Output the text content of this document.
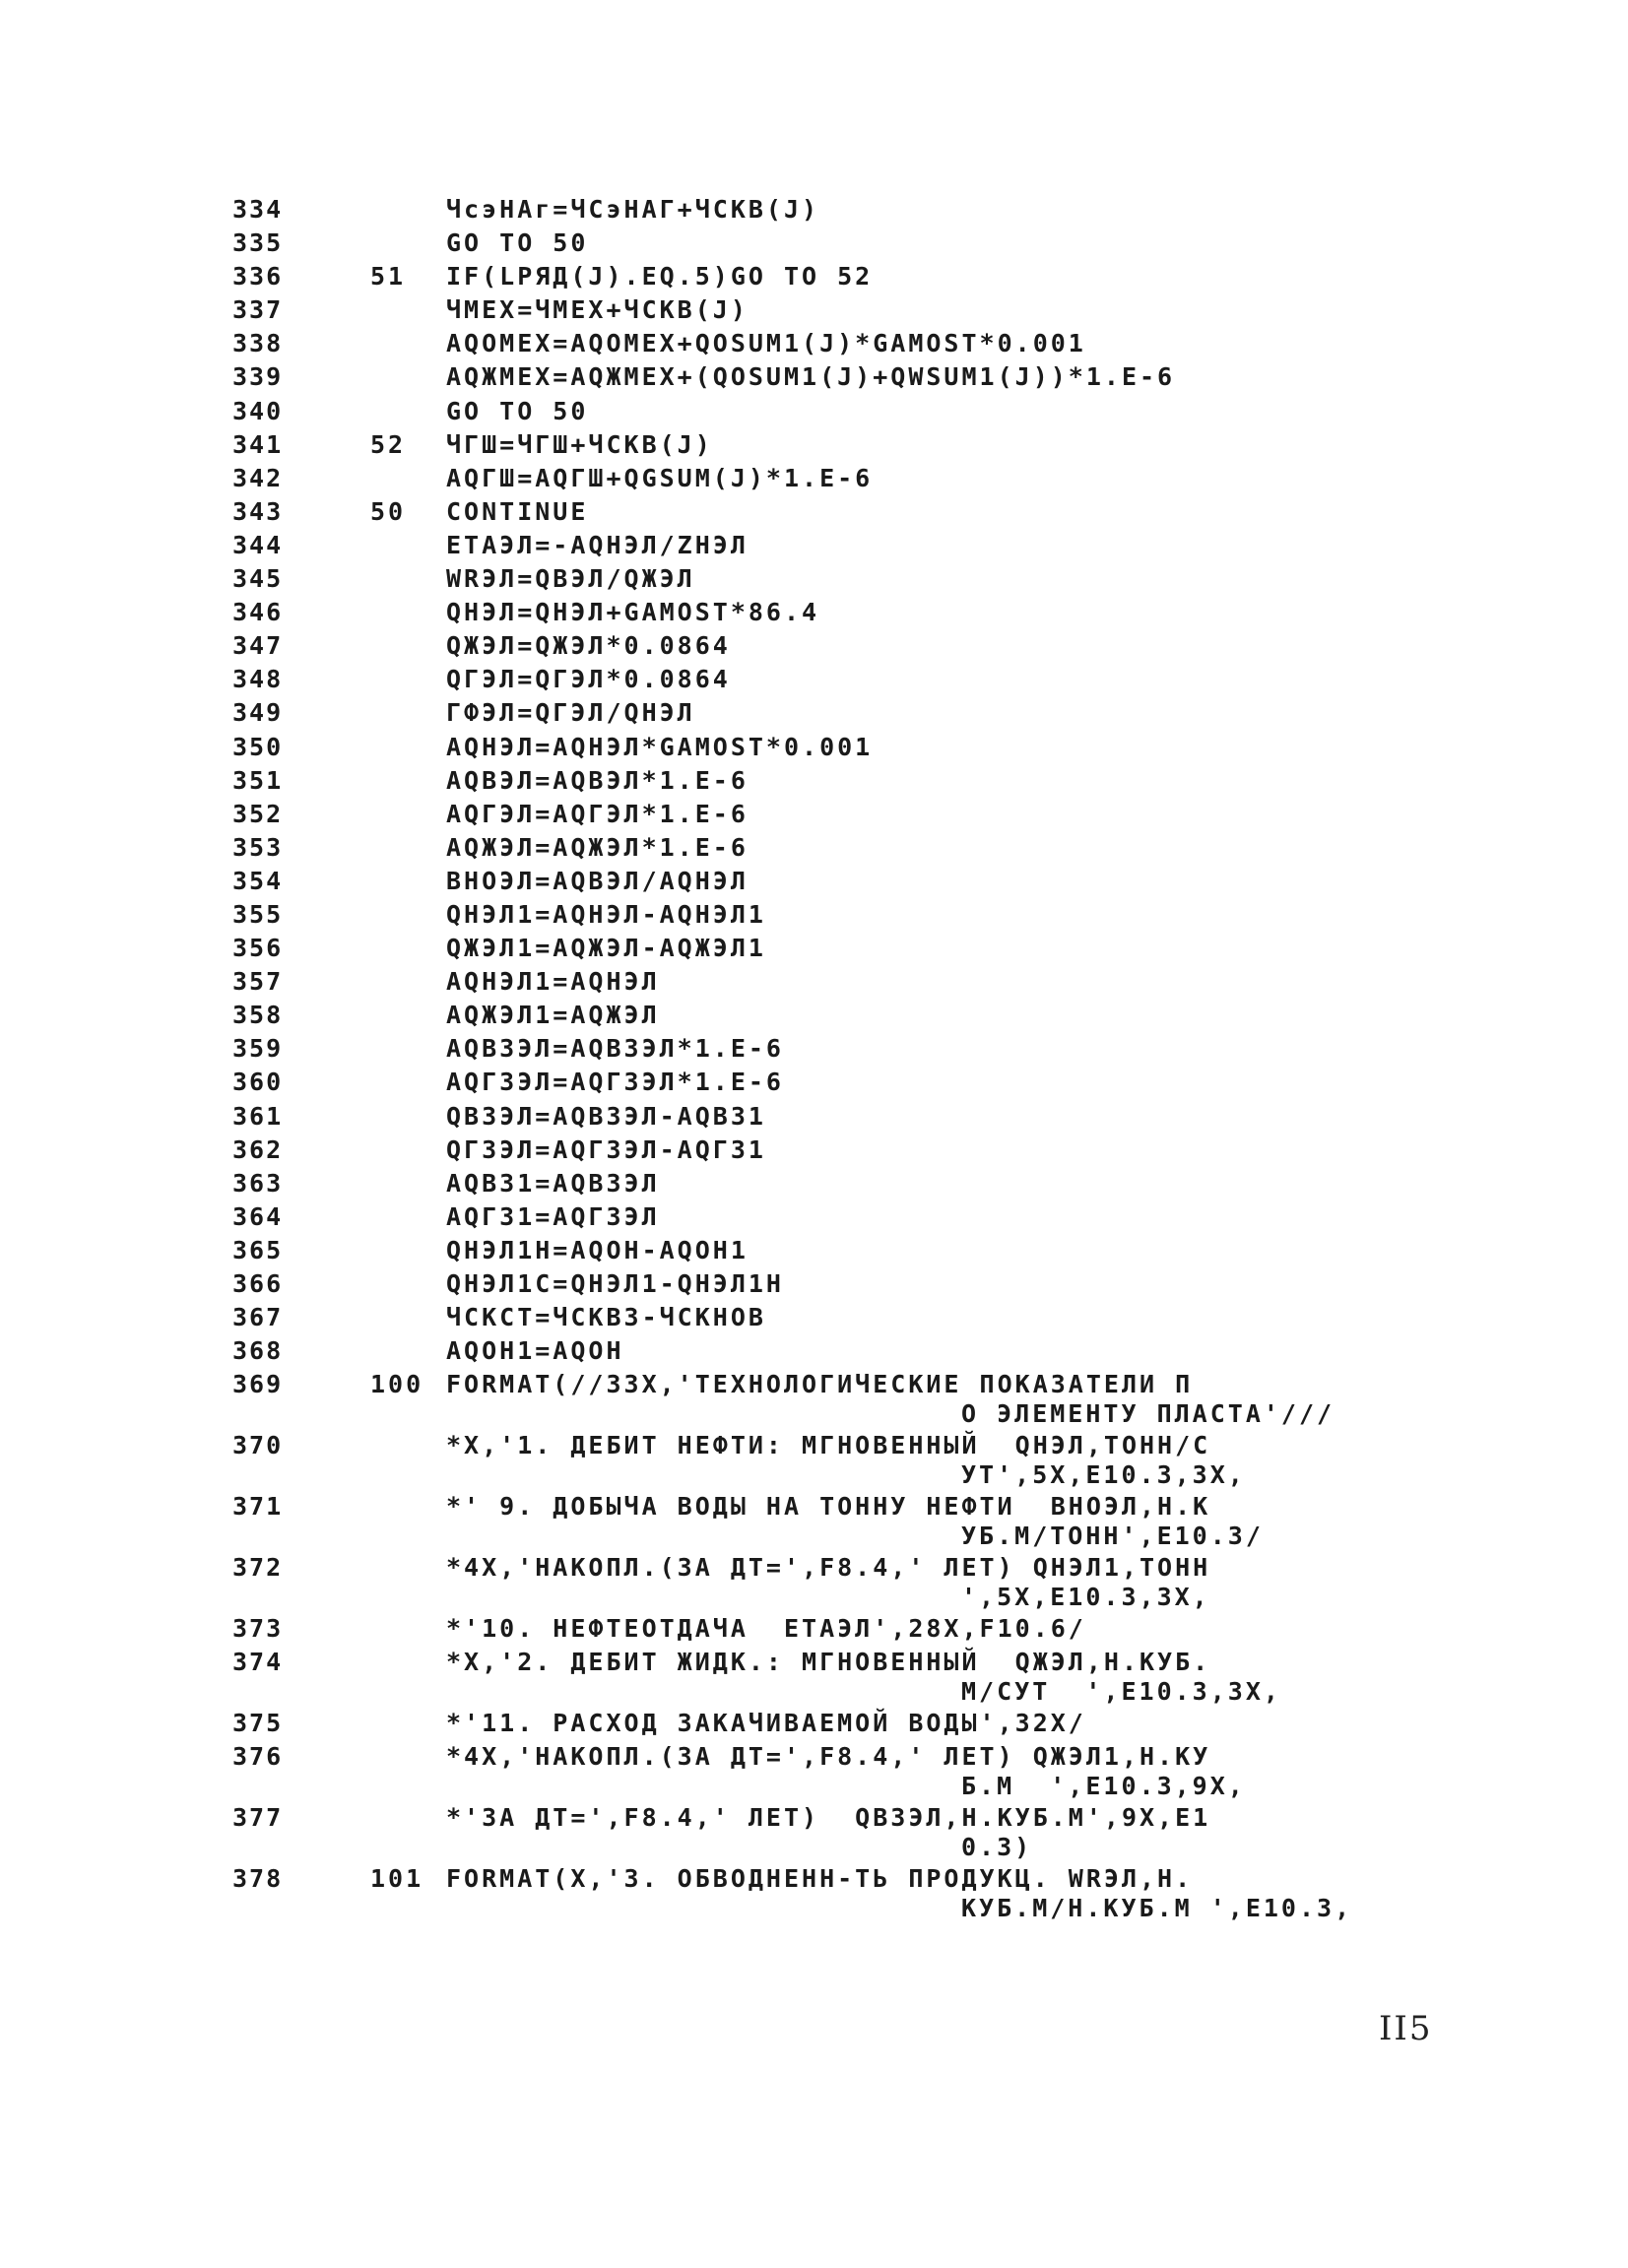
334	ЧсэНАг=ЧСэНАГ+ЧСКВ(J)
335	GO TO 50
336	51 IF(LРЯД(J).EQ.5)GO TO 52
337	ЧМЕХ=ЧМЕХ+ЧСКВ(J)
338	AQOMEX=AQOMEX+QOSUM1(J)*GAMOST*0.001
339	AQЖMEX=AQЖMEX+(QOSUM1(J)+QWSUM1(J))*1.E-6
340	GO TO 50
341	52 ЧГШ=ЧГШ+ЧСКВ(J)
342	AQГШ=AQГШ+QGSUM(J)*1.E-6
343	50 CONTINUE
344	ЕТАЭЛ=-AQНЭЛ/ZНЭЛ
345	WRЭЛ=QВЭЛ/QЖЭЛ
346	QНЭЛ=QНЭЛ+GAMOST*86.4
347	QЖЭЛ=QЖЭЛ*0.0864
348	QГЭЛ=QГЭЛ*0.0864
349	ГФЭЛ=QГЭЛ/QНЭЛ
350	AQНЭЛ=AQНЭЛ*GAMOST*0.001
351	AQВЭЛ=AQВЭЛ*1.E-6
352	AQГЭЛ=AQГЭЛ*1.E-6
353	AQЖЭЛ=AQЖЭЛ*1.E-6
354	ВНОЭЛ=AQВЭЛ/AQНЭЛ
355	QНЭЛ1=AQНЭЛ-AQНЭЛ1
356	QЖЭЛ1=AQЖЭЛ-AQЖЭЛ1
357	AQНЭЛ1=AQНЭЛ
358	AQЖЭЛ1=AQЖЭЛ
359	AQВЗЭЛ=AQВЗЭЛ*1.E-6
360	AQГЗЭЛ=AQГЗЭЛ*1.E-6
361	QВЗЭЛ=AQВЗЭЛ-AQВЗ1
362	QГЗЭЛ=AQГЗЭЛ-AQГЗ1
363	AQВЗ1=AQВЗЭЛ
364	AQГЗ1=AQГЗЭЛ
365	QНЭЛ1Н=AQOН-AQOН1
366	QНЭЛ1С=QНЭЛ1-QНЭЛ1Н
367	ЧСКСТ=ЧСКВЗ-ЧСКНОВ
368	AQOН1=AQOН
369	100 FORMAT(//33X,'ТЕХНОЛОГИЧЕСКИЕ ПОКАЗАТЕЛИ П
О ЭЛЕМЕНТУ ПЛАСТА'///
370	*X,'1. ДЕБИТ НЕФТИ: МГНОВЕННЫЙ  QНЭЛ,ТОНН/С
УТ',5X,E10.3,3X,
371	*' 9. ДОБЫЧА ВОДЫ НА ТОННУ НЕФТИ  ВНОЭЛ,Н.К
УБ.М/ТОНН',E10.3/
372	*4X,'НАКОПЛ.(ЗА ДТ=',F8.4,' ЛЕТ) QНЭЛ1,ТОНН
',5X,E10.3,3X,
373	*'10. НЕФТЕОТДАЧА  ЕТАЭЛ',28X,F10.6/
374	*X,'2. ДЕБИТ ЖИДК.: МГНОВЕННЫЙ  QЖЭЛ,Н.КУБ.
М/СУТ  ',E10.3,3X,
375	*'11. РАСХОД ЗАКАЧИВАЕМОЙ ВОДЫ',32X/
376	*4X,'НАКОПЛ.(ЗА ДТ=',F8.4,' ЛЕТ) QЖЭЛ1,Н.КУ
Б.М  ',E10.3,9X,
377	*'ЗА ДТ=',F8.4,' ЛЕТ)  QВЗЭЛ,Н.КУБ.М',9X,E1
0.3)
378	101 FORMAT(X,'3. ОБВОДНЕНН-ТЬ ПРОДУКЦ. WRЭЛ,Н.
КУБ.М/Н.КУБ.М ',E10.3,
II5
